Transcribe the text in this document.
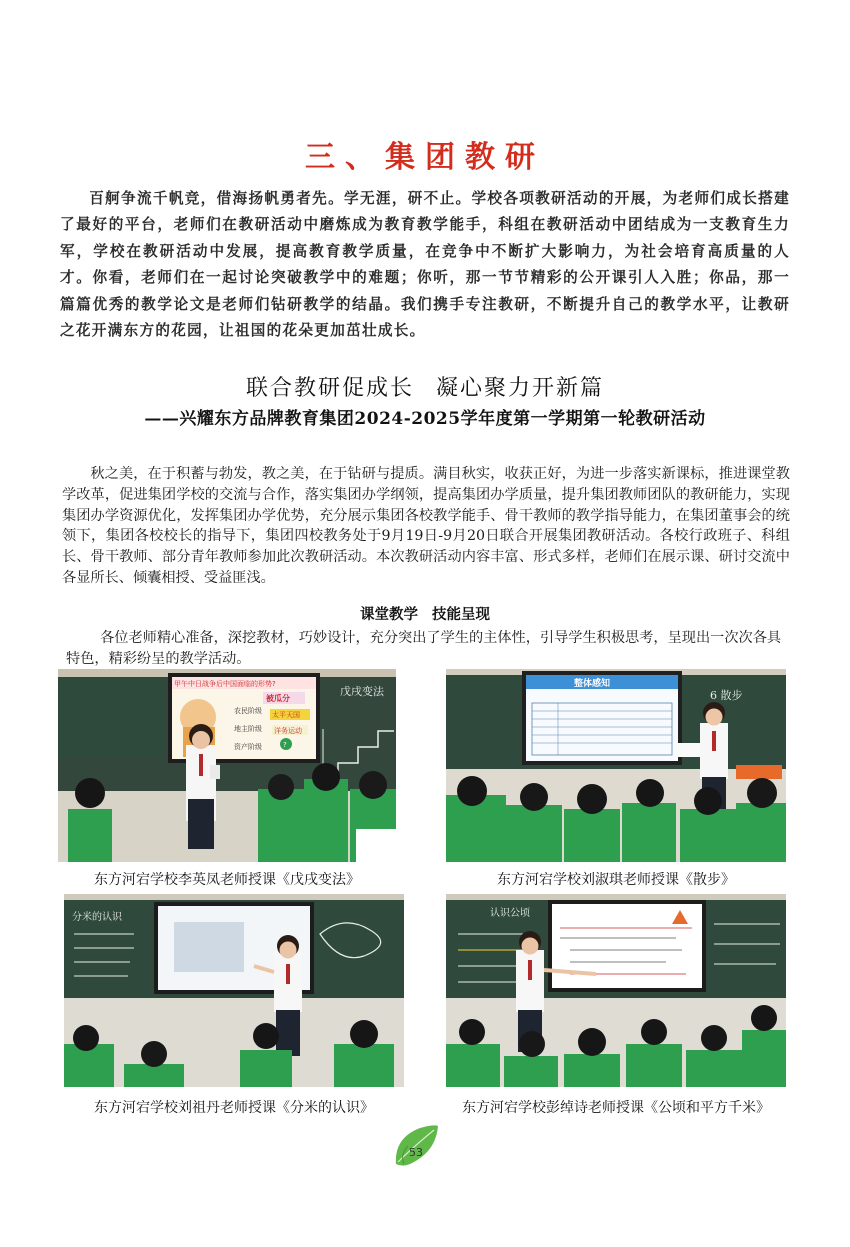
三、集团教研

百舸争流千帆竞，借海扬帆勇者先。学无涯，研不止。学校各项教研活动的开展，为老师们成长搭建了最好的平台，老师们在教研活动中磨炼成为教育教学能手，科组在教研活动中团结成为一支教育生力军，学校在教研活动中发展，提高教育教学质量，在竞争中不断扩大影响力，为社会培育高质量的人才。你看，老师们在一起讨论突破教学中的难题；你听，那一节节精彩的公开课引人入胜；你品，那一篇篇优秀的教学论文是老师们钻研教学的结晶。我们携手专注教研，不断提升自己的教学水平，让教研之花开满东方的花园，让祖国的花朵更加茁壮成长。

联合教研促成长 凝心聚力开新篇
——兴耀东方品牌教育集团2024-2025学年度第一学期第一轮教研活动

秋之美，在于积蓄与勃发，教之美，在于钻研与提质。满目秋实，收获正好，为进一步落实新课标，推进课堂教学改革，促进集团学校的交流与合作，落实集团办学纲领，提高集团办学质量，提升集团教师团队的教研能力，实现集团办学资源优化，发挥集团办学优势，充分展示集团各校教学能手、骨干教师的教学指导能力，在集团董事会的统领下，集团各校校长的指导下，集团四校教务处于9月19日-9月20日联合开展集团教研活动。各校行政班子、科组长、骨干教师、部分青年教师参加此次教研活动。本次教研活动内容丰富、形式多样，老师们在展示课、研讨交流中各显所长、倾囊相授、受益匪浅。

课堂教学 技能呈现

各位老师精心准备，深挖教材，巧妙设计，充分突出了学生的主体性，引导学生积极思考，呈现出一次次各具特色，精彩纷呈的教学活动。

甲午中日战争后中国面临的形势?
被瓜分
农民阶级
地主阶级
资产阶级
太平天国
洋务运动
?
戊戌变法
东方河宕学校李英凤老师授课《戊戌变法》
整体感知
6 散步
东方河宕学校刘淑琪老师授课《散步》
分米的认识
东方河宕学校刘祖丹老师授课《分米的认识》
认识公顷
东方河宕学校彭绰诗老师授课《公顷和平方千米》
53
